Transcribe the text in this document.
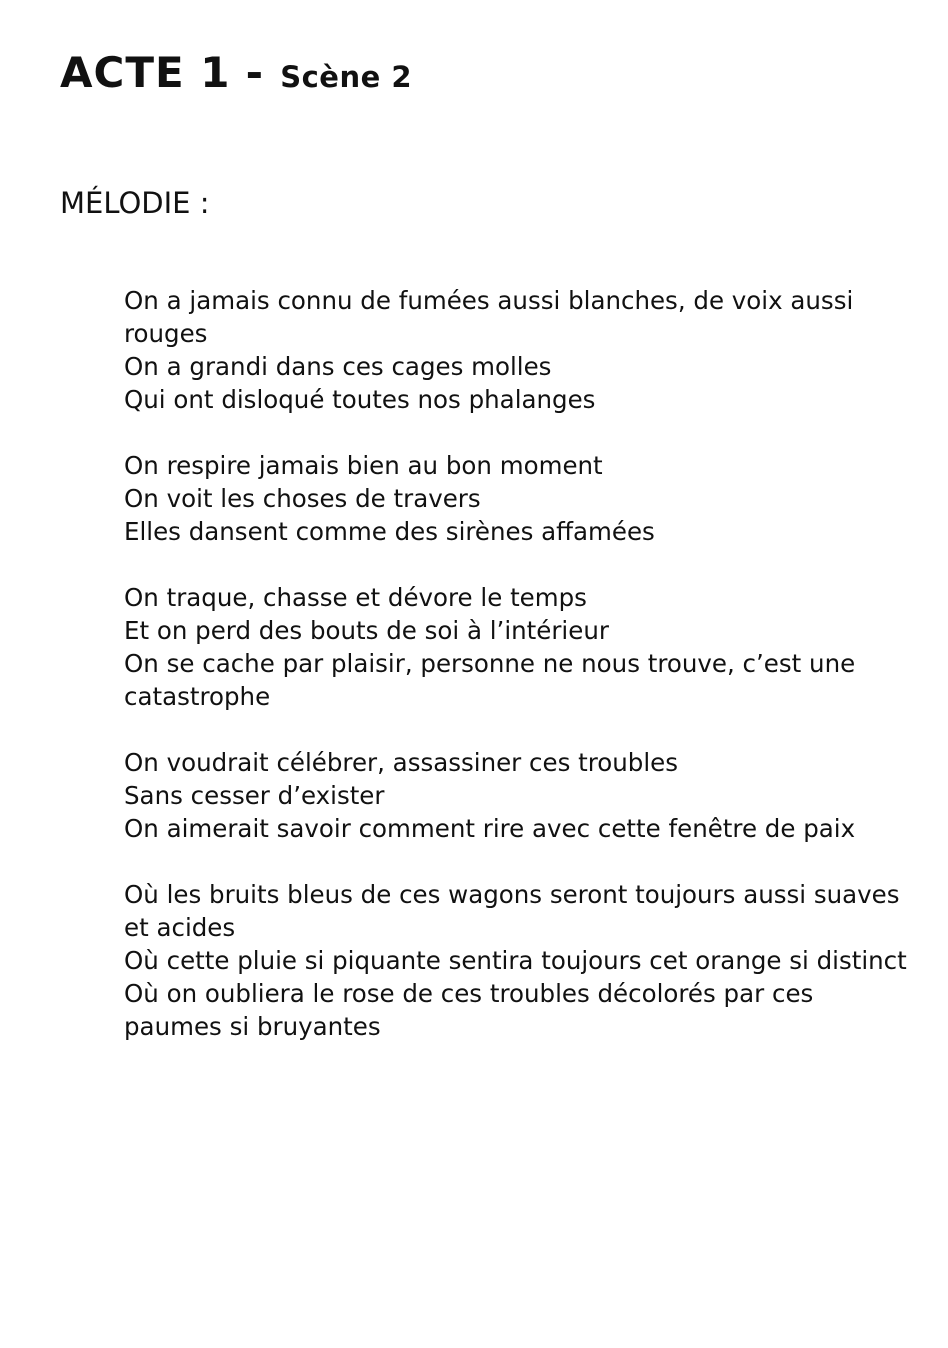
ACTE 1 - Scène 2
MÉLODIE :
On a jamais connu de fumées aussi blanches, de voix aussi rouges
On a grandi dans ces cages molles
Qui ont disloqué toutes nos phalanges
On respire jamais bien au bon moment
On voit les choses de travers
Elles dansent comme des sirènes affamées
On traque, chasse et dévore le temps
Et on perd des bouts de soi à l’intérieur
On se cache par plaisir, personne ne nous trouve, c’est une catastrophe
On voudrait célébrer, assassiner ces troubles
Sans cesser d’exister
On aimerait savoir comment rire avec cette fenêtre de paix
Où les bruits bleus de ces wagons seront toujours aussi suaves et acides
Où cette pluie si piquante sentira toujours cet orange si distinct
Où on oubliera le rose de ces troubles décolorés par ces paumes si bruyantes
